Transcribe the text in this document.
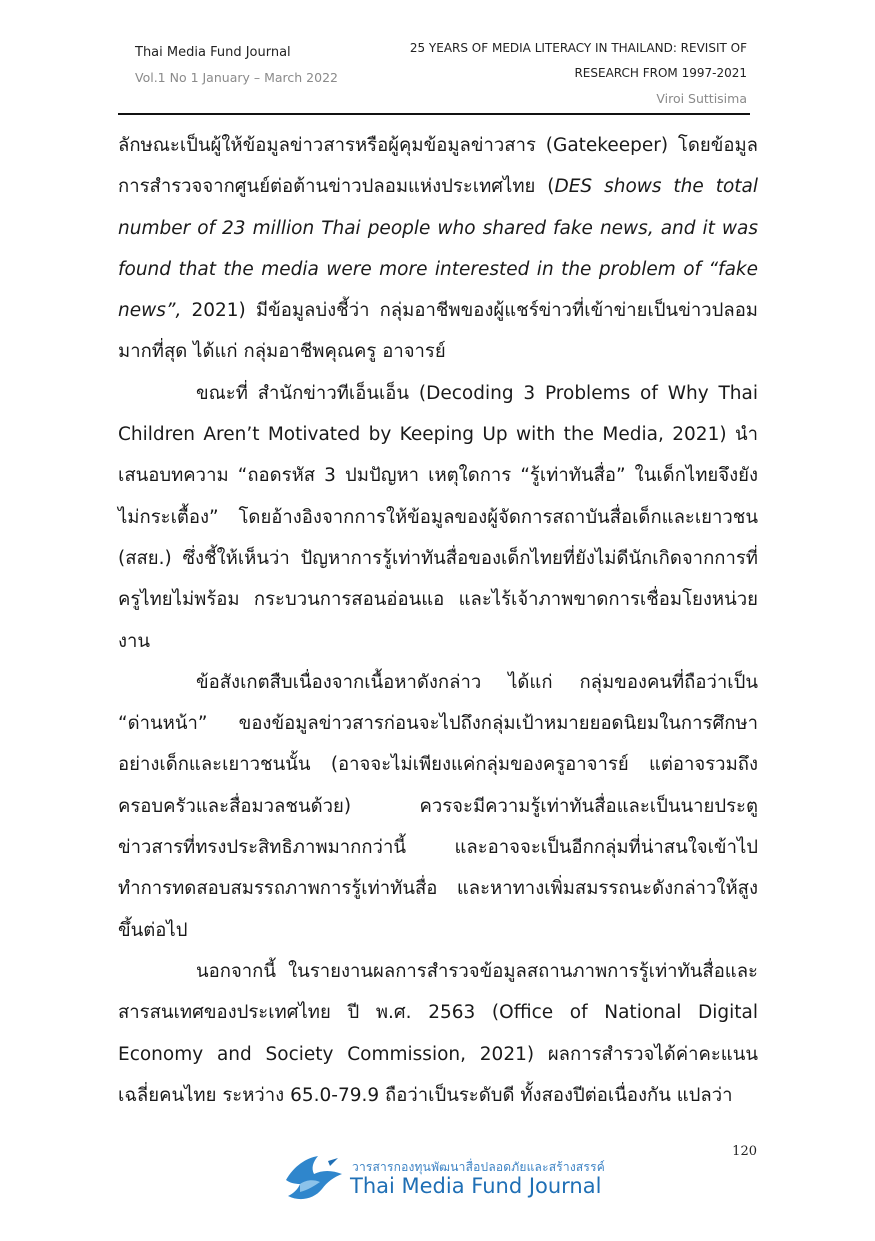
Thai Media Fund Journal
Vol.1 No 1 January – March 2022
25 YEARS OF MEDIA LITERACY IN THAILAND: REVISIT OF
RESEARCH FROM 1997-2021
Viroi Suttisima

ลักษณะเป็นผู้ให้ข้อมูลข่าวสารหรือผู้คุมข้อมูลข่าวสาร (Gatekeeper) โดยข้อมูลการสำรวจจากศูนย์ต่อต้านข่าวปลอมแห่งประเทศไทย (DES shows the total number of 23 million Thai people who shared fake news, and it was found that the media were more interested in the problem of “fake news”, 2021) มีข้อมูลบ่งชี้ว่า กลุ่มอาชีพของผู้แชร์ข่าวที่เข้าข่ายเป็นข่าวปลอมมากที่สุด ได้แก่ กลุ่มอาชีพคุณครู อาจารย์

ขณะที่ สำนักข่าวทีเอ็นเอ็น (Decoding 3 Problems of Why Thai Children Aren’t Motivated by Keeping Up with the Media, 2021) นำเสนอบทความ “ถอดรหัส 3 ปมปัญหา เหตุใดการ “รู้เท่าทันสื่อ” ในเด็กไทยจึงยังไม่กระเตื้อง” โดยอ้างอิงจากการให้ข้อมูลของผู้จัดการสถาบันสื่อเด็กและเยาวชน (สสย.) ซึ่งชี้ให้เห็นว่า ปัญหาการรู้เท่าทันสื่อของเด็กไทยที่ยังไม่ดีนักเกิดจากการที่ครูไทยไม่พร้อม กระบวนการสอนอ่อนแอ และไร้เจ้าภาพขาดการเชื่อมโยงหน่วยงาน

ข้อสังเกตสืบเนื่องจากเนื้อหาดังกล่าว ได้แก่ กลุ่มของคนที่ถือว่าเป็น “ด่านหน้า” ของข้อมูลข่าวสารก่อนจะไปถึงกลุ่มเป้าหมายยอดนิยมในการศึกษาอย่างเด็กและเยาวชนนั้น (อาจจะไม่เพียงแค่กลุ่มของครูอาจารย์ แต่อาจรวมถึงครอบครัวและสื่อมวลชนด้วย) ควรจะมีความรู้เท่าทันสื่อและเป็นนายประตูข่าวสารที่ทรงประสิทธิภาพมากกว่านี้ และอาจจะเป็นอีกกลุ่มที่น่าสนใจเข้าไปทำการทดสอบสมรรถภาพการรู้เท่าทันสื่อ และหาทางเพิ่มสมรรถนะดังกล่าวให้สูงขึ้นต่อไป

นอกจากนี้ ในรายงานผลการสำรวจข้อมูลสถานภาพการรู้เท่าทันสื่อและสารสนเทศของประเทศไทย ปี พ.ศ. 2563 (Office of National Digital Economy and Society Commission, 2021) ผลการสำรวจได้ค่าคะแนนเฉลี่ยคนไทย ระหว่าง 65.0-79.9 ถือว่าเป็นระดับดี ทั้งสองปีต่อเนื่องกัน แปลว่า

120
วารสารกองทุนพัฒนาสื่อปลอดภัยและสร้างสรรค์
Thai Media Fund Journal
